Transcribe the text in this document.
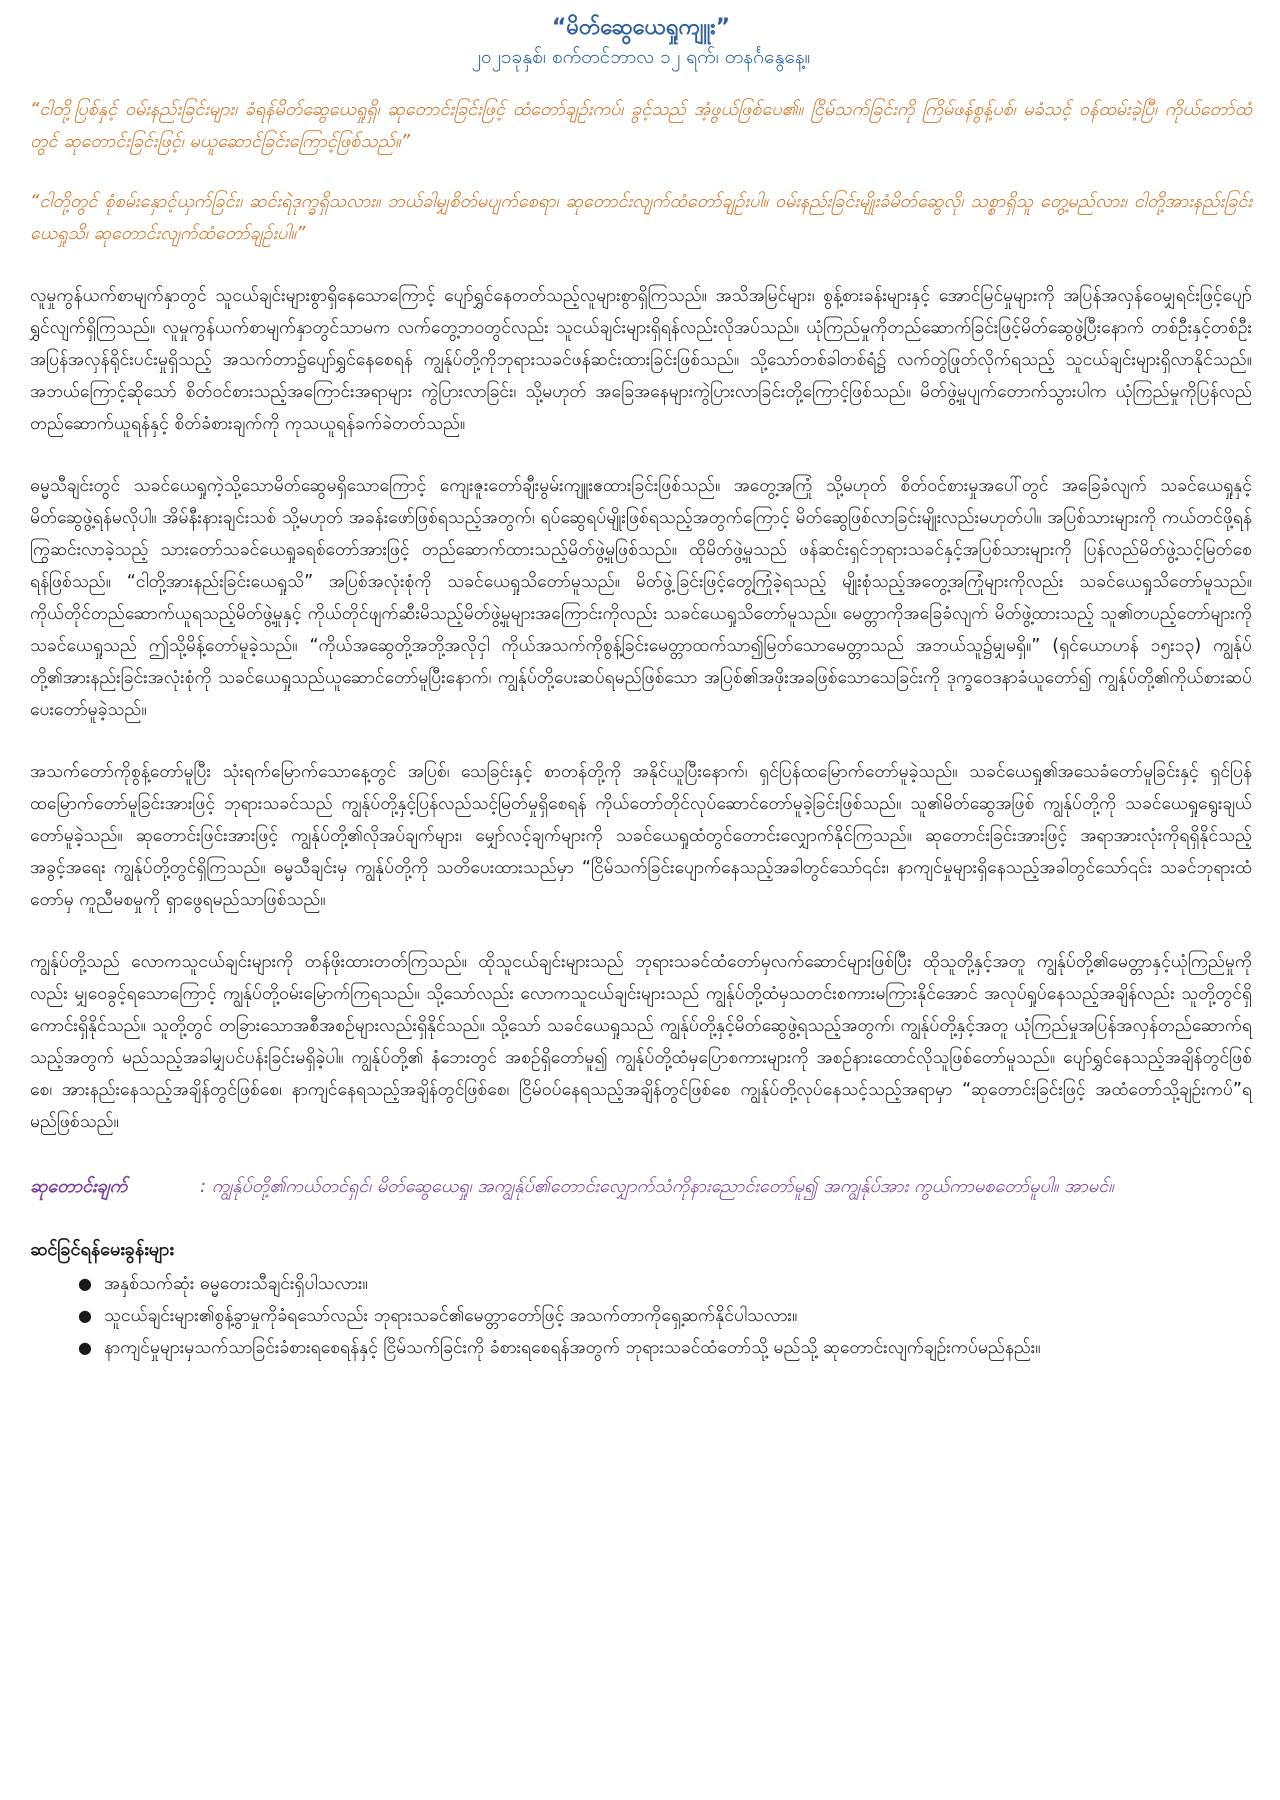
“မိတ်ဆွေယေရှုကျူး”
၂၀၂၁ခုနှစ်၊ စက်တင်ဘာလ ၁၂ ရက်၊ တနင်္ဂနွေနေ့။

“ငါတို့ပြစ်နှင့် ဝမ်းနည်းခြင်းများ၊ ခံရန်မိတ်ဆွေယေရှုရှိ၊ ဆုတောင်းခြင်းဖြင့် ထံတော်ချဉ်းကပ်၊ ခွင့်သည် အံ့ဖွယ်ဖြစ်ပေ၏။ ငြိမ်သက်ခြင်းကို ကြိမ်ဖန်စွန့်ပစ်၊ မခံသင့် ဝန်ထမ်းခဲ့ပြီ၊ ကိုယ်တော်ထံတွင် ဆုတောင်းခြင်းဖြင့်၊ မယူဆောင်ခြင်းကြောင့်ဖြစ်သည်။”

“ငါတို့တွင် စုံစမ်းနှောင့်ယှက်ခြင်း၊ ဆင်းရဲဒုက္ခရှိသလား။ ဘယ်ခါမျှစိတ်မပျက်စေရာ၊ ဆုတောင်းလျက်ထံတော်ချဉ်းပါ။ ဝမ်းနည်းခြင်းမျိုးခံမိတ်ဆွေလို၊ သစ္စာရှိသူ တွေ့မည်လား၊ ငါတို့အားနည်းခြင်းယေရှုသိ၊ ဆုတောင်းလျက်ထံတော်ချဉ်းပါ။”

လူမှုကွန်ယက်စာမျက်နှာတွင် သူငယ်ချင်းများစွာရှိနေသောကြောင့် ပျော်ရွှင်နေတတ်သည့်လူများစွာရှိကြသည်။ အသိအမြင်များ၊ စွန့်စားခန်းများနှင့် အောင်မြင်မှုများကို အပြန်အလှန်ဝေမျှရင်းဖြင့်ပျော်ရွှင်လျက်ရှိကြသည်။ လူမှုကွန်ယက်စာမျက်နှာတွင်သာမက လက်တွေ့ဘဝတွင်လည်း သူငယ်ချင်းများရှိရန်လည်းလိုအပ်သည်။ ယုံကြည်မှုကိုတည်ဆောက်ခြင်းဖြင့်မိတ်ဆွေဖွဲ့ပြီးနောက် တစ်ဦးနှင့်တစ်ဦးအပြန်အလှန်ရိုင်းပင်းမှုရှိသည့် အသက်တာ၌ပျော်ရွှင်နေစေရန် ကျွန်ုပ်တို့ကိုဘုရားသခင်ဖန်ဆင်းထားခြင်းဖြစ်သည်။ သို့သော်တစ်ခါတစ်ရံ၌ လက်တွဲဖြုတ်လိုက်ရသည့် သူငယ်ချင်းများရှိလာနိုင်သည်။ အဘယ်ကြောင့်ဆိုသော် စိတ်ဝင်စားသည့်အကြောင်းအရာများ ကွဲပြားလာခြင်း၊ သို့မဟုတ် အခြေအနေများကွဲပြားလာခြင်းတို့ကြောင့်ဖြစ်သည်။ မိတ်ဖွဲ့မှုပျက်တောက်သွားပါက ယုံကြည်မှုကိုပြန်လည်တည်ဆောက်ယူရန်နှင့် စိတ်ခံစားချက်ကို ကုသယူရန်ခက်ခဲတတ်သည်။

ဓမ္မသီချင်းတွင် သခင်ယေရှုကဲ့သို့သောမိတ်ဆွေမရှိသောကြောင့် ကျေးဇူးတော်ချီးမွမ်းကျူးဧထားခြင်းဖြစ်သည်။ အတွေ့အကြုံ သို့မဟုတ် စိတ်ဝင်စားမှုအပေါ်တွင် အခြေခံလျက် သခင်ယေရှုနှင့် မိတ်ဆွေဖွဲ့ရန်မလိုပါ။ အိမ်နီးနားချင်းသစ် သို့မဟုတ် အခန်းဖော်ဖြစ်ရသည့်အတွက်၊ ရပ်ဆွေရပ်မျိုးဖြစ်ရသည့်အတွက်ကြောင့် မိတ်ဆွေဖြစ်လာခြင်းမျိုးလည်းမဟုတ်ပါ။ အပြစ်သားများကို ကယ်တင်ဖို့ရန်ကြွဆင်းလာခဲ့သည့် သားတော်သခင်ယေရှုခရစ်တော်အားဖြင့် တည်ဆောက်ထားသည့်မိတ်ဖွဲ့မှုဖြစ်သည်။ ထိုမိတ်ဖွဲ့မှုသည် ဖန်ဆင်းရှင်ဘုရားသခင်နှင့်အပြစ်သားများကို ပြန်လည်မိတ်ဖွဲ့သင့်မြတ်စေရန်ဖြစ်သည်။ “ငါတို့အားနည်းခြင်းယေရှုသိ” အပြစ်အလုံးစုံကို သခင်ယေရှုသိတော်မူသည်။ မိတ်ဖွဲ့ခြင်းဖြင့်တွေ့ကြုံခဲ့ရသည့် မျိုးစုံသည့်အတွေ့အကြုံများကိုလည်း သခင်ယေရှုသိတော်မူသည်။ ကိုယ်တိုင်တည်ဆောက်ယူရသည့်မိတ်ဖွဲ့မှုနှင့် ကိုယ်တိုင်ဖျက်ဆီးမိသည့်မိတ်ဖွဲ့မှုများအကြောင်းကိုလည်း သခင်ယေရှုသိတော်မူသည်။ မေတ္တာကိုအခြေခံလျက် မိတ်ဖွဲ့ထားသည့် သူ၏တပည့်တော်များကို သခင်ယေရှုသည် ဤသို့မိန့်တော်မူခဲ့သည်။ “ကိုယ်အဆွေတို့အဘို့အလိုငှါ ကိုယ်အသက်ကိုစွန့်ခြင်းမေတ္တာထက်သာ၍မြတ်သောမေတ္တာသည် အဘယ်သူ၌မျှမရှိ။” (ရှင်ယောဟန် ၁၅း၁၃) ကျွန်ုပ်တို့၏အားနည်းခြင်းအလုံးစုံကို သခင်ယေရှုသည်ယူဆောင်တော်မူပြီးနောက်၊ ကျွန်ုပ်တို့ပေးဆပ်ရမည်ဖြစ်သော အပြစ်၏အဖိုးအခဖြစ်သောသေခြင်းကို ဒုက္ခဝေဒနာခံယူတော်၍ ကျွန်ုပ်တို့၏ကိုယ်စားဆပ်ပေးတော်မူခဲ့သည်။

အသက်တော်ကိုစွန့်တော်မူပြီး သုံးရက်မြောက်သောနေ့တွင် အပြစ်၊ သေခြင်းနှင့် စာတန်တို့ကို အနိုင်ယူပြီးနောက်၊ ရှင်ပြန်ထမြောက်တော်မူခဲ့သည်။ သခင်ယေရှု၏အသေခံတော်မူခြင်းနှင့် ရှင်ပြန်ထမြောက်တော်မူခြင်းအားဖြင့် ဘုရားသခင်သည် ကျွန်ုပ်တို့နှင့်ပြန်လည်သင့်မြတ်မှုရှိစေရန် ကိုယ်တော်တိုင်လုပ်ဆောင်တော်မူခဲ့ခြင်းဖြစ်သည်။ သူ၏မိတ်ဆွေအဖြစ် ကျွန်ုပ်တို့ကို သခင်ယေရှုရွေးချယ်တော်မူခဲ့သည်။ ဆုတောင်းဖြင်းအားဖြင့် ကျွန်ုပ်တို့၏လိုအပ်ချက်များ၊ မျှော်လင့်ချက်များကို သခင်ယေရှုထံတွင်တောင်းလျှောက်နိုင်ကြသည်။ ဆုတောင်းခြင်းအားဖြင့် အရာအားလုံးကိုရရှိနိုင်သည့်အခွင့်အရေး ကျွန်ုပ်တို့တွင်ရှိကြသည်။ ဓမ္မသီချင်းမှ ကျွန်ုပ်တို့ကို သတိပေးထားသည်မှာ “ငြိမ်သက်ခြင်းပျောက်နေသည့်အခါတွင်သော်၎င်း၊ နာကျင်မှုများရှိနေသည့်အခါတွင်သော်၎င်း သခင်ဘုရားထံတော်မှ ကူညီမစမှုကို ရှာဖွေရမည်သာဖြစ်သည်။

ကျွန်ုပ်တို့သည် လောကသူငယ်ချင်းများကို တန်ဖိုးထားတတ်ကြသည်။ ထိုသူငယ်ချင်းများသည် ဘုရားသခင်ထံတော်မှလက်ဆောင်များဖြစ်ပြီး ထိုသူတို့နှင့်အတူ ကျွန်ုပ်တို့၏မေတ္တာနှင့်ယုံကြည်မှုကိုလည်း မျှဝေခွင့်ရသောကြောင့် ကျွန်ုပ်တို့ဝမ်းမြောက်ကြရသည်။ သို့သော်လည်း လောကသူငယ်ချင်းများသည် ကျွန်ုပ်တို့ထံမှသတင်းစကားမကြားနိုင်အောင် အလုပ်ရှုပ်နေသည့်အချိန်လည်း သူတို့တွင်ရှိကောင်းရှိနိုင်သည်။ သူတို့တွင် တခြားသောအစီအစဉ်များလည်းရှိနိုင်သည်။ သို့သော် သခင်ယေရှုသည် ကျွန်ုပ်တို့နှင့်မိတ်ဆွေဖွဲ့ရသည့်အတွက်၊ ကျွန်ုပ်တို့နှင့်အတူ ယုံကြည်မှုအပြန်အလှန်တည်ဆောက်ရသည့်အတွက် မည်သည့်အခါမျှပင်ပန်းခြင်းမရှိခဲ့ပါ။ ကျွန်ုပ်တို့၏ နံဘေးတွင် အစဉ်ရှိတော်မူ၍ ကျွန်ုပ်တို့ထံမှပြောစကားများကို အစဉ်နားထောင်လိုသူဖြစ်တော်မူသည်။ ပျော်ရွှင်နေသည့်အချိန်တွင်ဖြစ်စေ၊ အားနည်းနေသည့်အချိန်တွင်ဖြစ်စေ၊ နာကျင်နေရသည့်အချိန်တွင်ဖြစ်စေ၊ ငြိမ်ဝပ်နေရသည့်အချိန်တွင်ဖြစ်စေ ကျွန်ုပ်တို့လုပ်နေသင့်သည့်အရာမှာ “ဆုတောင်းခြင်းဖြင့် အထံတော်သို့ချဉ်းကပ်”ရမည်ဖြစ်သည်။

ဆုတောင်းချက်	: ကျွန်ုပ်တို့၏ကယ်တင်ရှင်၊ မိတ်ဆွေယေရှု၊ အကျွန်ုပ်၏တောင်းလျှောက်သံကိုနားညောင်းတော်မူ၍ အကျွန်ုပ်အား ကွယ်ကာမစတော်မူပါ။ အာမင်။
ဆင်ခြင်ရန်မေးခွန်းများ
● အနှစ်သက်ဆုံး ဓမ္မတေးသီချင်းရှိပါသလား။
● သူငယ်ချင်းများ၏စွန့်ခွာမှုကိုခံရသော်လည်း ဘုရားသခင်၏မေတ္တာတော်ဖြင့် အသက်တာကိုရှေ့ဆက်နိုင်ပါသလား။
● နာကျင်မှုများမှသက်သာခြင်းခံစားရစေရန်နှင့် ငြိမ်သက်ခြင်းကို ခံစားရစေရန်အတွက် ဘုရားသခင်ထံတော်သို့ မည်သို့ ဆုတောင်းလျက်ချဉ်းကပ်မည်နည်း။
